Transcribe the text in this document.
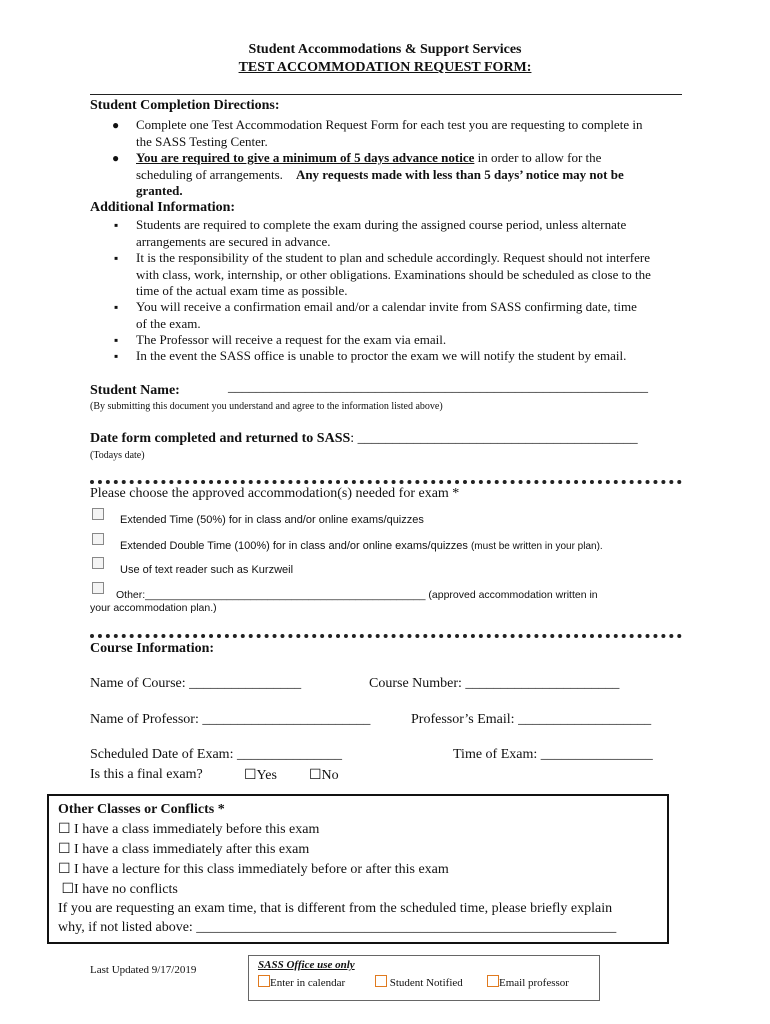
Student Accommodations & Support Services
TEST ACCOMMODATION REQUEST FORM:
Student Completion Directions:
● Complete one Test Accommodation Request Form for each test you are requesting to complete in
the SASS Testing Center.
● You are required to give a minimum of 5 days advance notice in order to allow for the
scheduling of arrangements. Any requests made with less than 5 days’ notice may not be
granted.
Additional Information:
▪ Students are required to complete the exam during the assigned course period, unless alternate
arrangements are secured in advance.
▪ It is the responsibility of the student to plan and schedule accordingly. Request should not interfere
with class, work, internship, or other obligations. Examinations should be scheduled as close to the
time of the actual exam time as possible.
▪ You will receive a confirmation email and/or a calendar invite from SASS confirming date, time
of the exam.
▪ The Professor will receive a request for the exam via email.
▪ In the event the SASS office is unable to proctor the exam we will notify the student by email.
Student Name:	____________________________________________________________
(By submitting this document you understand and agree to the information listed above)
Date form completed and returned to SASS: ________________________________________
(Todays date)
Please choose the approved accommodation(s) needed for exam *
Extended Time (50%) for in class and/or online exams/quizzes
Extended Double Time (100%) for in class and/or online exams/quizzes (must be written in your plan).
Use of text reader such as Kurzweil
Other:________________________________________________ (approved accommodation written in
your accommodation plan.)
Course Information:
Name of Course: ________________	Course Number: ______________________
Name of Professor: ________________________	Professor’s Email: ___________________
Scheduled Date of Exam: _______________	Time of Exam: ________________
Is this a final exam?	☐Yes ☐No
Other Classes or Conflicts *
☐ I have a class immediately before this exam
☐ I have a class immediately after this exam
☐ I have a lecture for this class immediately before or after this exam
☐I have no conflicts
If you are requesting an exam time, that is different from the scheduled time, please briefly explain
why, if not listed above: ____________________________________________________________
Last Updated 9/17/2019	SASS Office use only
Enter in calendar	Student Notified	Email professor
